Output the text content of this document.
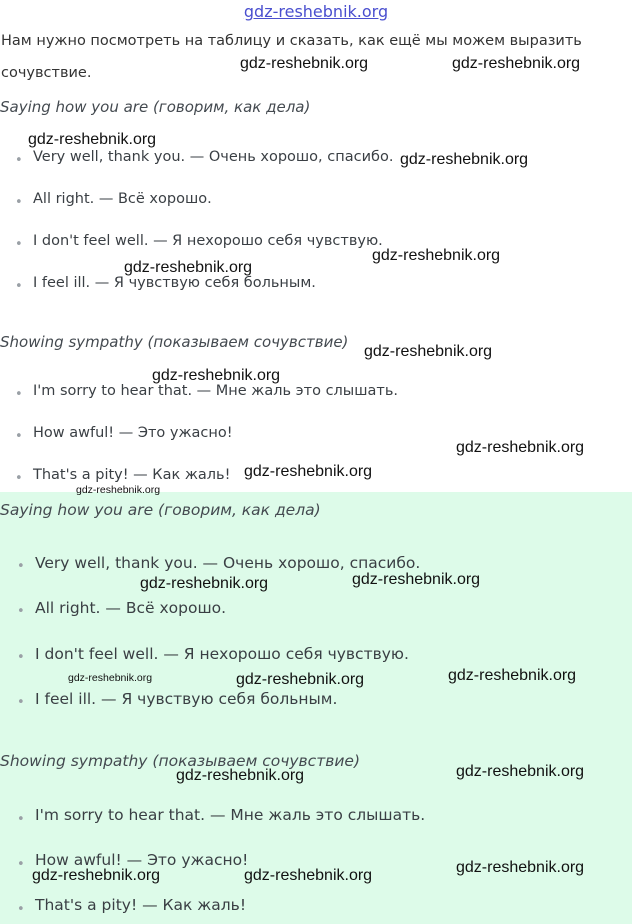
gdz-reshebnik.org
Нам нужно посмотреть на таблицу и сказать, как ещё мы можем выразить
сочувствие.
Saying how you are (говорим, как дела)
• Very well, thank you. — Очень хорошо, спасибо.
• All right. — Всё хорошо.
• I don't feel well. — Я нехорошо себя чувствую.
• I feel ill. — Я чувствую себя больным.
Showing sympathy (показываем сочувствие)
• I'm sorry to hear that. — Мне жаль это слышать.
• How awful! — Это ужасно!
• That's a pity! — Как жаль!
Saying how you are (говорим, как дела)
• Very well, thank you. — Очень хорошо, спасибо.
• All right. — Всё хорошо.
• I don't feel well. — Я нехорошо себя чувствую.
• I feel ill. — Я чувствую себя больным.
Showing sympathy (показываем сочувствие)
• I'm sorry to hear that. — Мне жаль это слышать.
• How awful! — Это ужасно!
• That's a pity! — Как жаль!
gdz-reshebnik.org	gdz-reshebnik.org
gdz-reshebnik.org
gdz-reshebnik.org
gdz-reshebnik.org
gdz-reshebnik.org
gdz-reshebnik.org
gdz-reshebnik.org
gdz-reshebnik.org
gdz-reshebnik.org
gdz-reshebnik.org
gdz-reshebnik.org
gdz-reshebnik.org
gdz-reshebnik.org	gdz-reshebnik.org
gdz-reshebnik.org
gdz-reshebnik.org	gdz-reshebnik.org
gdz-reshebnik.org
gdz-reshebnik.org	gdz-reshebnik.org
